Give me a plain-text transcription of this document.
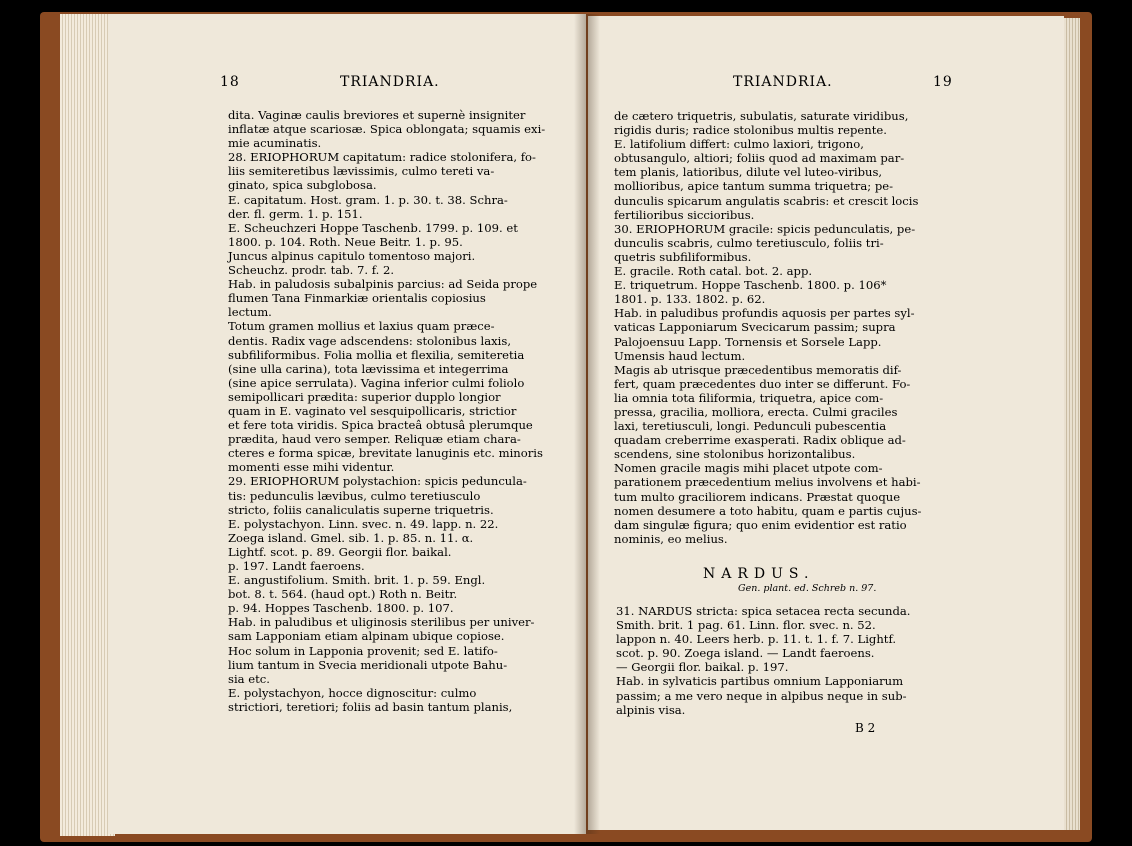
18	TRIANDRIA.	TRIANDRIA.	19
dita. Vaginæ caulis breviores et supernè insigniter
inflatæ atque scariosæ. Spica oblongata; squamis exi-
mie acuminatis.
28. ERIOPHORUM capitatum: radice stolonifera, fo-
liis semiteretibus lævissimis, culmo tereti va-
ginato, spica subglobosa.
E. capitatum. Host. gram. 1. p. 30. t. 38. Schra-
der. fl. germ. 1. p. 151.
E. Scheuchzeri Hoppe Taschenb. 1799. p. 109. et
1800. p. 104. Roth. Neue Beitr. 1. p. 95.
Juncus alpinus capitulo tomentoso majori.
Scheuchz. prodr. tab. 7. f. 2.
Hab. in paludosis subalpinis parcius: ad Seida prope
flumen Tana Finmarkiæ orientalis copiosius
lectum.
Totum gramen mollius et laxius quam præce-
dentis. Radix vage adscendens: stolonibus laxis,
subfiliformibus. Folia mollia et flexilia, semiteretia
(sine ulla carina), tota lævissima et integerrima
(sine apice serrulata). Vagina inferior culmi foliolo
semipollicari prædita: superior dupplo longior
quam in E. vaginato vel sesquipollicaris, strictior
et fere tota viridis. Spica bracteâ obtusâ plerumque
prædita, haud vero semper. Reliquæ etiam chara-
cteres e forma spicæ, brevitate lanuginis etc. minoris
momenti esse mihi videntur.
29. ERIOPHORUM polystachion: spicis peduncula-
tis: pedunculis lævibus, culmo teretiusculo
stricto, foliis canaliculatis superne triquetris.
E. polystachyon. Linn. svec. n. 49. lapp. n. 22.
Zoega island. Gmel. sib. 1. p. 85. n. 11. α.
Lightf. scot. p. 89. Georgii flor. baikal.
p. 197. Landt faeroens.
E. angustifolium. Smith. brit. 1. p. 59. Engl.
bot. 8. t. 564. (haud opt.) Roth n. Beitr.
p. 94. Hoppes Taschenb. 1800. p. 107.
Hab. in paludibus et uliginosis sterilibus per univer-
sam Lapponiam etiam alpinam ubique copiose.
Hoc solum in Lapponia provenit; sed E. latifo-
lium tantum in Svecia meridionali utpote Bahu-
sia etc.
E. polystachyon, hocce dignoscitur: culmo
strictiori, teretiori; foliis ad basin tantum planis,
de cætero triquetris, subulatis, saturate viridibus,
rigidis duris; radice stolonibus multis repente.
E. latifolium differt: culmo laxiori, trigono,
obtusangulo, altiori; foliis quod ad maximam par-
tem planis, latioribus, dilute vel luteo-viribus,
mollioribus, apice tantum summa triquetra; pe-
dunculis spicarum angulatis scabris: et crescit locis
fertilioribus siccioribus.
30. ERIOPHORUM gracile: spicis pedunculatis, pe-
dunculis scabris, culmo teretiusculo, foliis tri-
quetris subfiliformibus.
E. gracile. Roth catal. bot. 2. app.
E. triquetrum. Hoppe Taschenb. 1800. p. 106*
1801. p. 133. 1802. p. 62.
Hab. in paludibus profundis aquosis per partes syl-
vaticas Lapponiarum Svecicarum passim; supra
Palojoensuu Lapp. Tornensis et Sorsele Lapp.
Umensis haud lectum.
Magis ab utrisque præcedentibus memoratis dif-
fert, quam præcedentes duo inter se differunt. Fo-
lia omnia tota filiformia, triquetra, apice com-
pressa, gracilia, molliora, erecta. Culmi graciles
laxi, teretiusculi, longi. Pedunculi pubescentia
quadam creberrime exasperati. Radix oblique ad-
scendens, sine stolonibus horizontalibus.
Nomen gracile magis mihi placet utpote com-
parationem præcedentium melius involvens et habi-
tum multo graciliorem indicans. Præstat quoque
nomen desumere a toto habitu, quam e partis cujus-
dam singulæ figura; quo enim evidentior est ratio
nominis, eo melius.
NARDUS.
Gen. plant. ed. Schreb n. 97.
31. NARDUS stricta: spica setacea recta secunda.
Smith. brit. 1 pag. 61. Linn. flor. svec. n. 52.
lappon n. 40. Leers herb. p. 11. t. 1. f. 7. Lightf.
scot. p. 90. Zoega island. — Landt faeroens.
— Georgii flor. baikal. p. 197.
Hab. in sylvaticis partibus omnium Lapponiarum
passim; a me vero neque in alpibus neque in sub-
alpinis visa.
B 2
